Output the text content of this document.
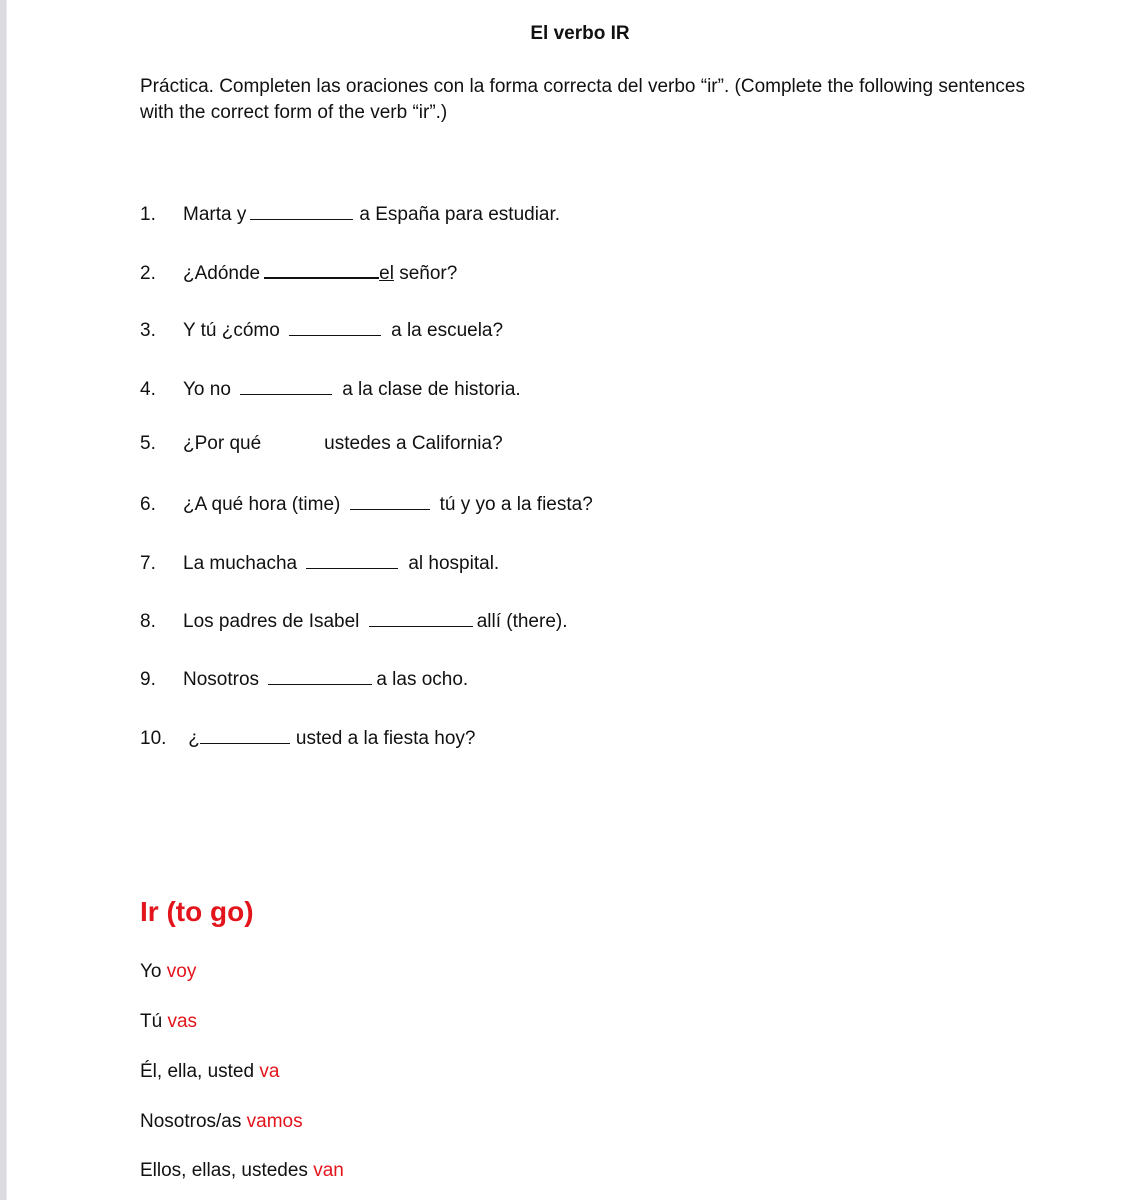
El verbo IR
Práctica. Completen las oraciones con la forma correcta del verbo “ir”. (Complete the following sentences with the correct form of the verb “ir”.)
1. Marta y	a España para estudiar.
2. ¿Adónde	el señor?
3. Y tú ¿cómo	a la escuela?
4. Yo no	a la clase de historia.
5. ¿Por qué	ustedes a California?
6. ¿A qué hora (time)	tú y yo a la fiesta?
7. La muchacha	al hospital.
8. Los padres de Isabel	allí (there).
9. Nosotros	a las ocho.
10. ¿	usted a la fiesta hoy?
Ir (to go)
Yo voy
Tú vas
Él, ella, usted va
Nosotros/as vamos
Ellos, ellas, ustedes van
